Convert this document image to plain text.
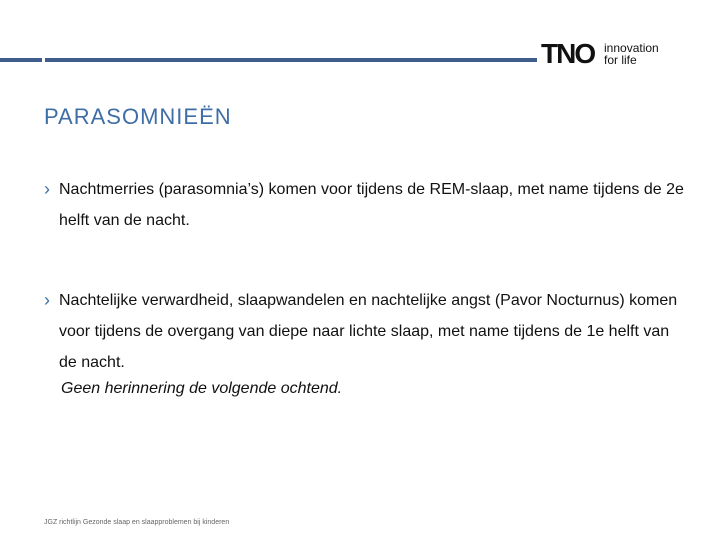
TNO innovation
for life
PARASOMNIEËN
› Nachtmerries (parasomnia’s) komen voor tijdens de REM-slaap, met name tijdens de 2e helft van de nacht.
› Nachtelijke verwardheid, slaapwandelen en nachtelijke angst (Pavor Nocturnus) komen voor tijdens de overgang van diepe naar lichte slaap, met name tijdens de 1e helft van de nacht.
Geen herinnering de volgende ochtend.
JGZ richtlijn Gezonde slaap en slaapproblemen bij kinderen
